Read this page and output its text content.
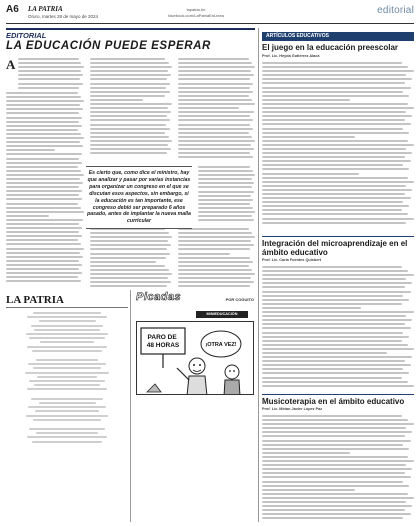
A6 LA PATRIA
Oruro, martes 28 de mayo de 2024
lapatria.bo
facebook.com/LaPatriaEnLinea	editorial
EDITORIAL
LA EDUCACIÓN PUEDE ESPERAR
A
Es cierto que, como dice el ministro, hay que analizar y pasar por varias instancias para organizar un congreso en el que se discutan esos aspectos, sin embargo, si la educación es tan importante, ese congreso debió ser preparado 6 años pasado, antes de implantar la nueva malla curricular
LA PATRIA	Picadas	POR COGUITO
MINIEDUCACIÓN
PARO DE 48 HORAS	¡OTRA VEZ!
ARTÍCULOS EDUCATIVOS
El juego en la educación preescolar
Prof. Lic. Heyda Gutiérrez Alaca
Integración del microaprendizaje en el ámbito educativo
Prof. Lic. Carla Fuentes Quisbert
Musicoterapia en el ámbito educativo
Prof. Lic. Mirian Javier López Paz
